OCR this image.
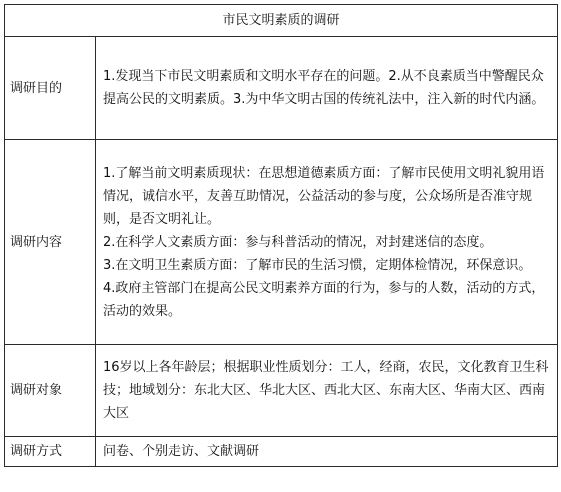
市民文明素质的调研	
调研目的	1.发现当下市民文明素质和文明水平存在的问题。2.从不良素质当中警醒民众提高公民的文明素质。3.为中华文明古国的传统礼法中，注入新的时代内涵。

调研内容	1.了解当前文明素质现状：在思想道德素质方面：了解市民使用文明礼貌用语情况，诚信水平，友善互助情况，公益活动的参与度，公众场所是否准守规则，是否文明礼让。

2.在科学人文素质方面：参与科普活动的情况，对封建迷信的态度。

3.在文明卫生素质方面：了解市民的生活习惯，定期体检情况，环保意识。

4.政府主管部门在提高公民文明素养方面的行为，参与的人数，活动的方式，活动的效果。

调研对象	16岁以上各年龄层；根据职业性质划分：工人，经商，农民，文化教育卫生科技；地域划分：东北大区、华北大区、西北大区、东南大区、华南大区、西南大区

调研方式	问卷、个别走访、文献调研
